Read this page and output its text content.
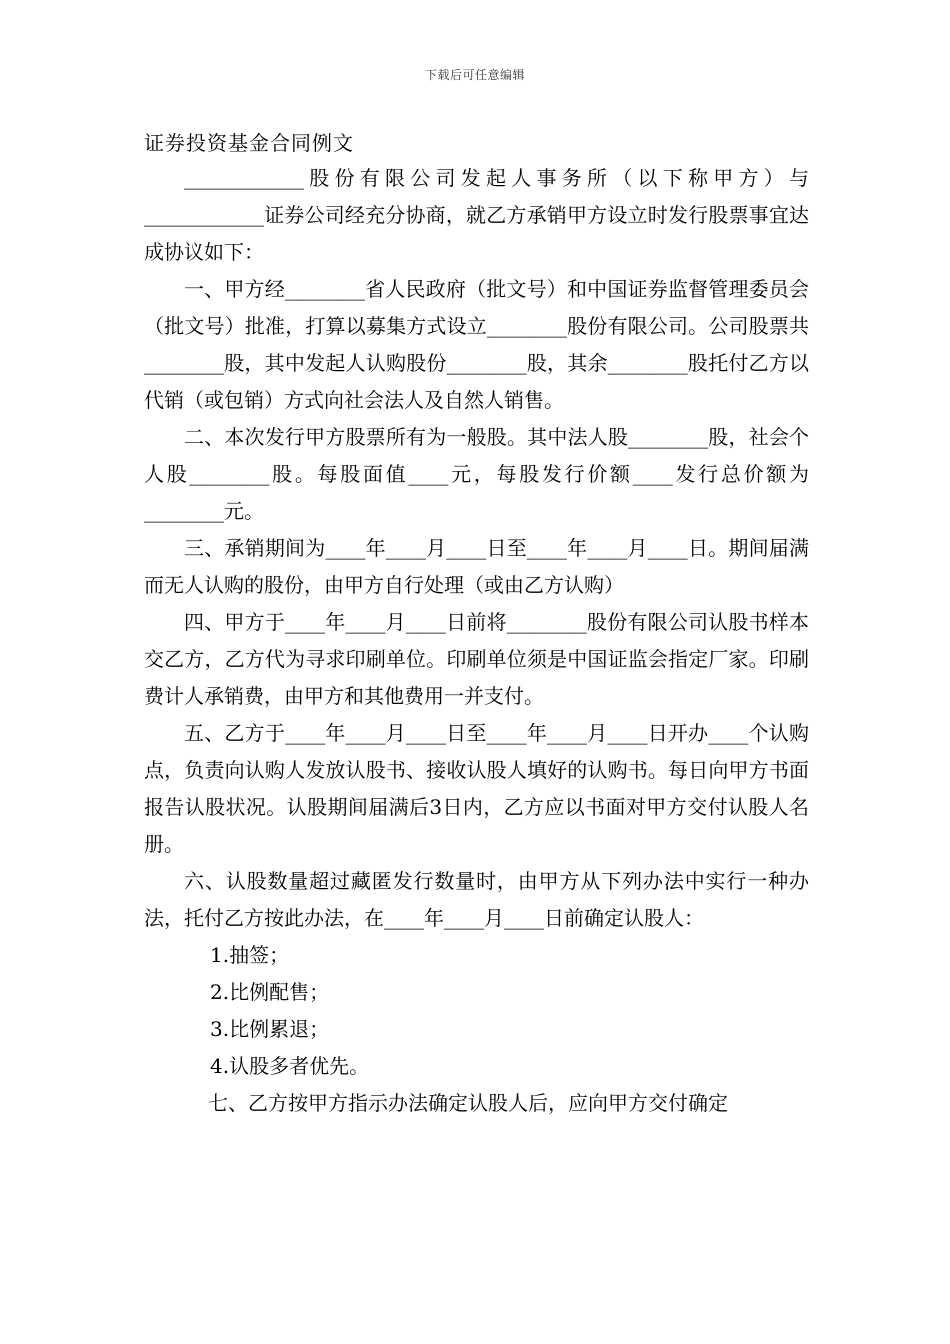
下载后可任意编辑
证券投资基金合同例文

____________股份有限公司发起人事务所（以下称甲方）与____________证券公司经充分协商，就乙方承销甲方设立时发行股票事宜达成协议如下：

一、甲方经________省人民政府（批文号）和中国证券监督管理委员会（批文号）批准，打算以募集方式设立________股份有限公司。公司股票共________股，其中发起人认购股份________股，其余________股托付乙方以代销（或包销）方式向社会法人及自然人销售。

二、本次发行甲方股票所有为一般股。其中法人股________股，社会个人股________股。每股面值____元，每股发行价额____发行总价额为________元。

三、承销期间为____年____月____日至____年____月____日。期间届满而无人认购的股份，由甲方自行处理（或由乙方认购）

四、甲方于____年____月____日前将________股份有限公司认股书样本交乙方，乙方代为寻求印刷单位。印刷单位须是中国证监会指定厂家。印刷费计人承销费，由甲方和其他费用一并支付。

五、乙方于____年____月____日至____年____月____日开办____个认购点，负责向认购人发放认股书、接收认股人填好的认购书。每日向甲方书面报告认股状况。认股期间届满后3日内，乙方应以书面对甲方交付认股人名册。

六、认股数量超过藏匿发行数量时，由甲方从下列办法中实行一种办法，托付乙方按此办法，在____年____月____日前确定认股人：

1.抽签；

2.比例配售；

3.比例累退；

4.认股多者优先。

七、乙方按甲方指示办法确定认股人后，应向甲方交付确定
